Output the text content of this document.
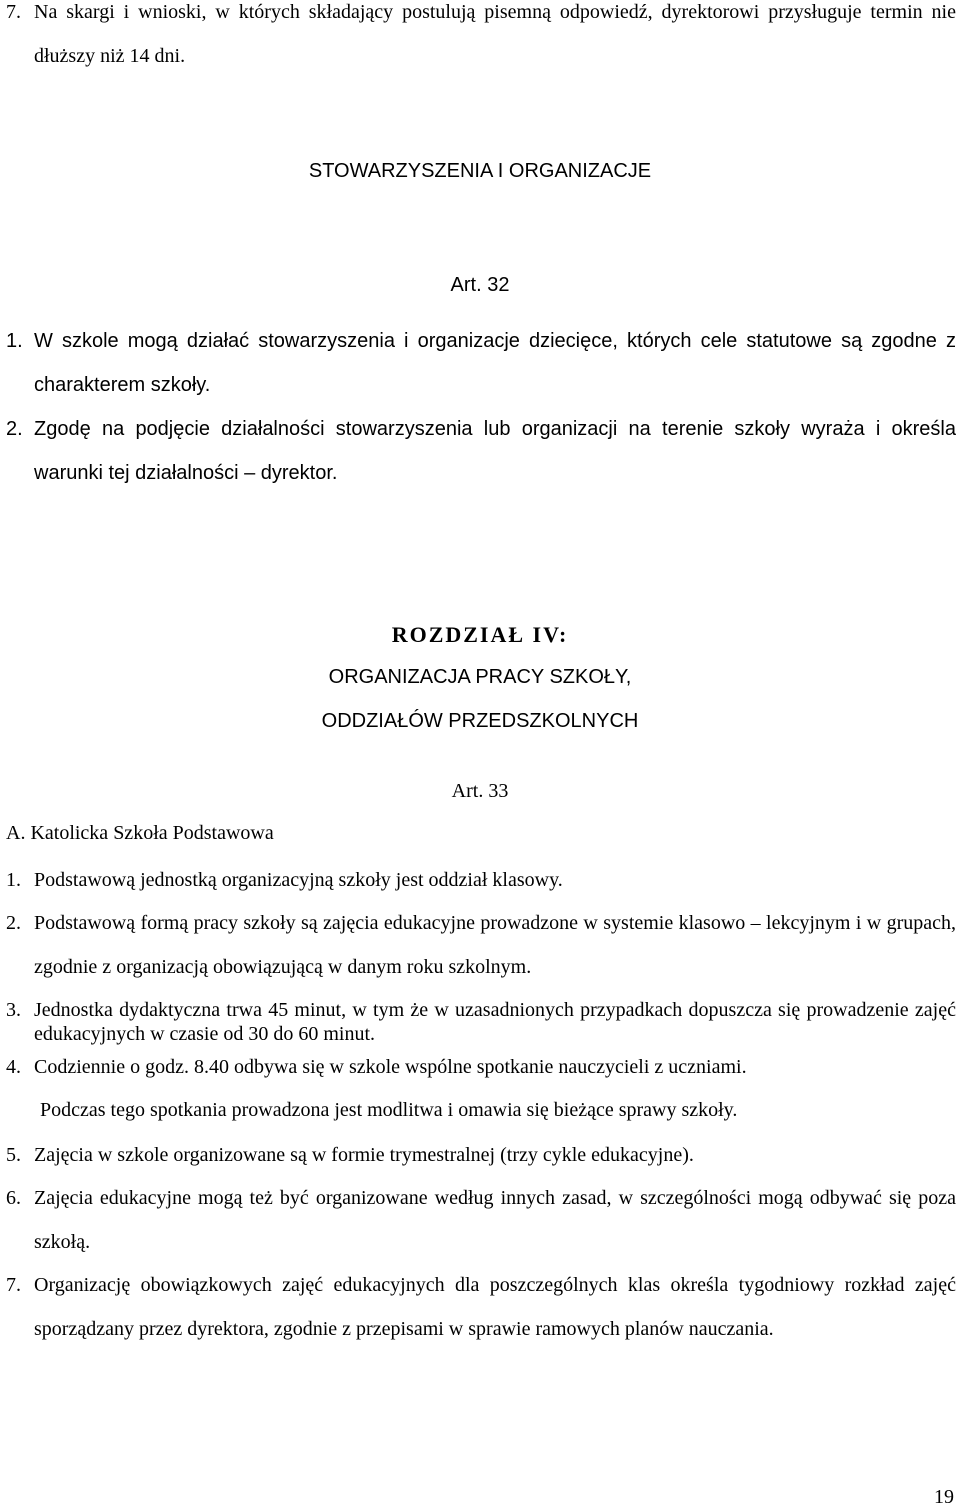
7. Na skargi i wnioski, w których składający postulują pisemną odpowiedź, dyrektorowi przysługuje termin nie dłuższy niż 14 dni.
STOWARZYSZENIA I ORGANIZACJE
Art. 32
1. W szkole mogą działać stowarzyszenia i organizacje dziecięce, których cele statutowe są zgodne z charakterem szkoły.
2. Zgodę na podjęcie działalności stowarzyszenia lub organizacji na terenie szkoły wyraża i określa warunki tej działalności – dyrektor.
ROZDZIAŁ IV:
ORGANIZACJA PRACY SZKOŁY,
ODDZIAŁÓW PRZEDSZKOLNYCH
Art. 33
A. Katolicka Szkoła Podstawowa
1. Podstawową jednostką organizacyjną szkoły jest oddział klasowy.
2. Podstawową formą pracy szkoły są zajęcia edukacyjne prowadzone w systemie klasowo – lekcyjnym i w grupach, zgodnie z organizacją obowiązującą w danym roku szkolnym.
3. Jednostka dydaktyczna trwa 45 minut, w tym że w uzasadnionych przypadkach dopuszcza się prowadzenie zajęć edukacyjnych w czasie od 30 do 60 minut.
4. Codziennie o godz. 8.40 odbywa się w szkole wspólne spotkanie nauczycieli z uczniami.
Podczas tego spotkania prowadzona jest modlitwa i omawia się bieżące sprawy szkoły.
5. Zajęcia w szkole organizowane są w formie trymestralnej (trzy cykle edukacyjne).
6. Zajęcia edukacyjne mogą też być organizowane według innych zasad, w szczególności mogą odbywać się poza szkołą.
7. Organizację obowiązkowych zajęć edukacyjnych dla poszczególnych klas określa tygodniowy rozkład zajęć sporządzany przez dyrektora, zgodnie z przepisami w sprawie ramowych planów nauczania.
19
